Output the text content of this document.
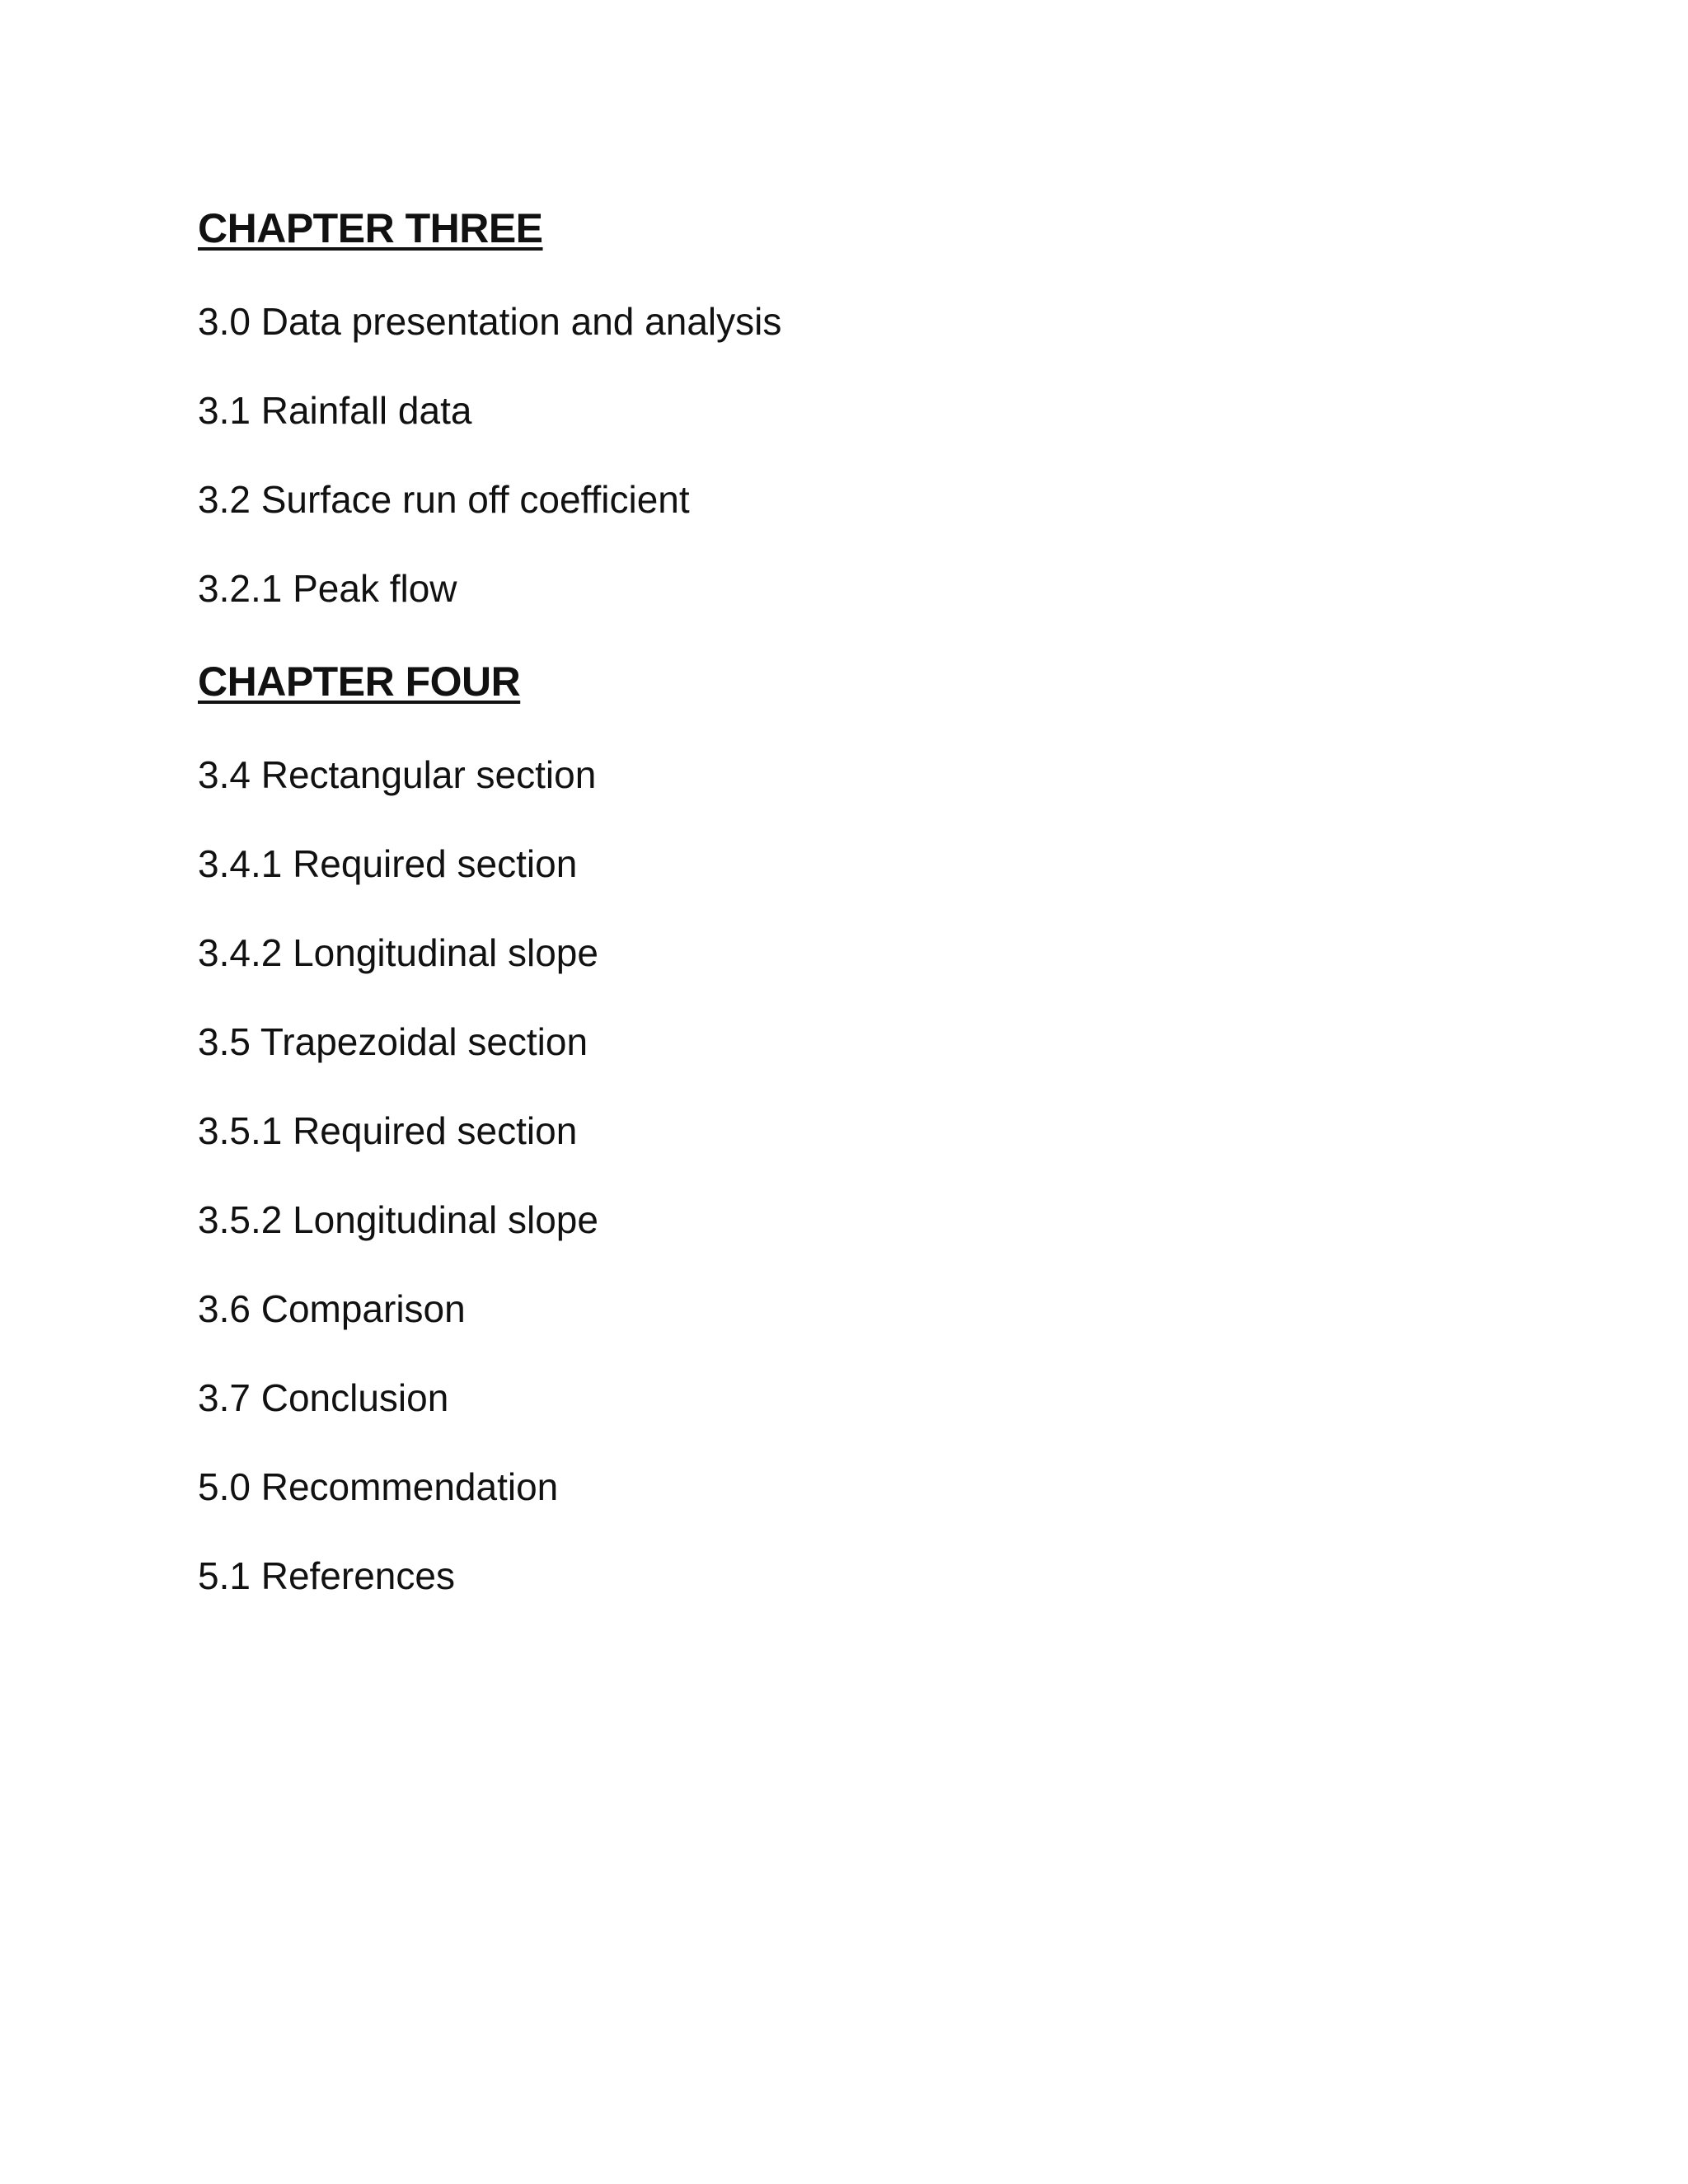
CHAPTER THREE
3.0 Data presentation and analysis
3.1 Rainfall data
3.2 Surface run off coefficient
3.2.1 Peak flow
CHAPTER FOUR
3.4 Rectangular section
3.4.1 Required section
3.4.2 Longitudinal slope
3.5 Trapezoidal section
3.5.1 Required section
3.5.2 Longitudinal slope
3.6 Comparison
3.7 Conclusion
5.0 Recommendation
5.1 References
